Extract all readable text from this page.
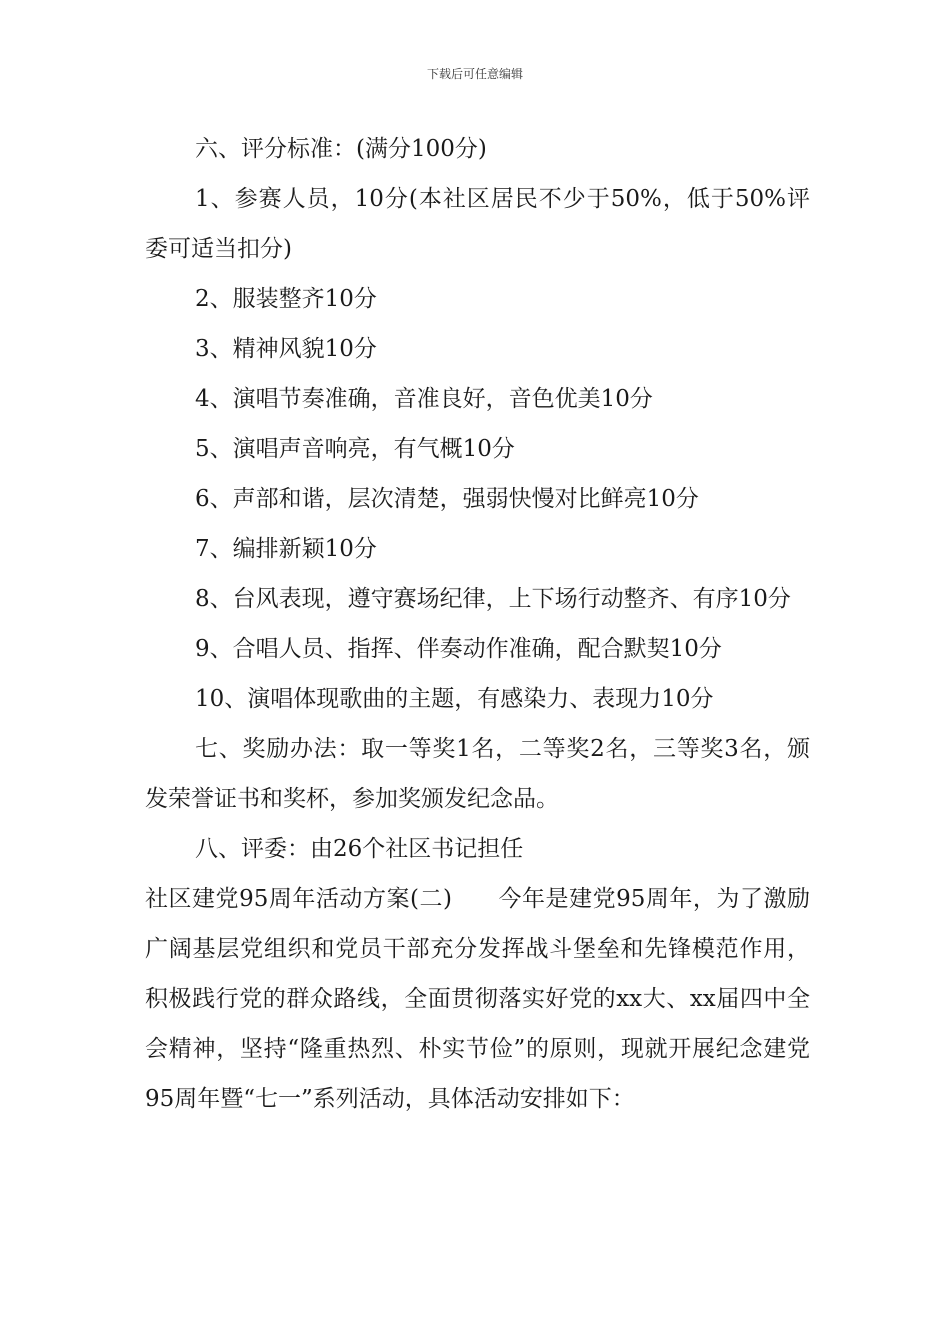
下载后可任意编辑

六、评分标准：(满分100分)

1、参赛人员，10分(本社区居民不少于50%，低于50%评委可适当扣分)

2、服装整齐10分

3、精神风貌10分

4、演唱节奏准确，音准良好，音色优美10分

5、演唱声音响亮，有气概10分

6、声部和谐，层次清楚，强弱快慢对比鲜亮10分

7、编排新颖10分

8、台风表现，遵守赛场纪律，上下场行动整齐、有序10分

9、合唱人员、指挥、伴奏动作准确，配合默契10分

10、演唱体现歌曲的主题，有感染力、表现力10分

七、奖励办法：取一等奖1名，二等奖2名，三等奖3名，颁发荣誉证书和奖杯，参加奖颁发纪念品。

八、评委：由26个社区书记担任

社区建党95周年活动方案(二) 今年是建党95周年，为了激励广阔基层党组织和党员干部充分发挥战斗堡垒和先锋模范作用，积极践行党的群众路线，全面贯彻落实好党的xx大、xx届四中全会精神，坚持“隆重热烈、朴实节俭”的原则，现就开展纪念建党95周年暨“七一”系列活动，具体活动安排如下：
